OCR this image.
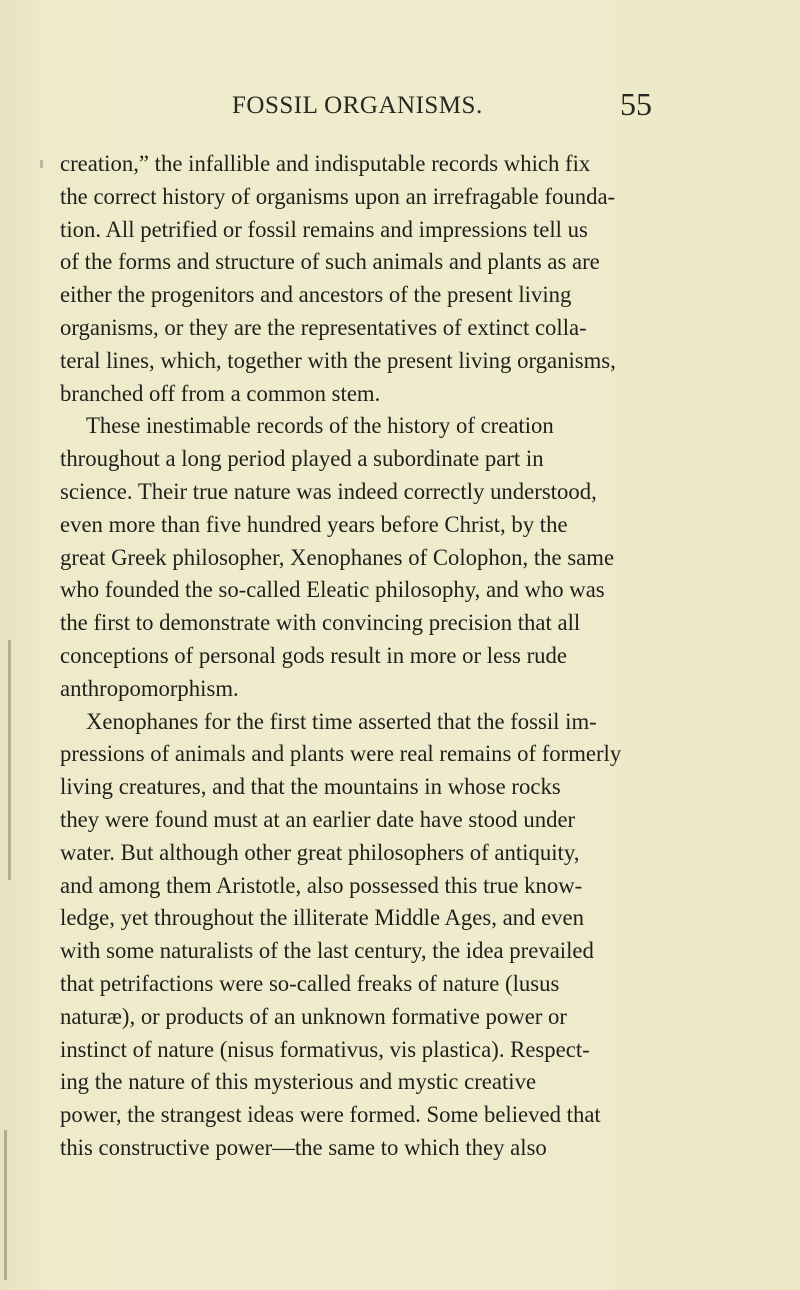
FOSSIL ORGANISMS.	55
creation,” the infallible and indisputable records which fix
the correct history of organisms upon an irrefragable founda-
tion. All petrified or fossil remains and impressions tell us
of the forms and structure of such animals and plants as are
either the progenitors and ancestors of the present living
organisms, or they are the representatives of extinct colla-
teral lines, which, together with the present living organisms,
branched off from a common stem.
These inestimable records of the history of creation
throughout a long period played a subordinate part in
science. Their true nature was indeed correctly understood,
even more than five hundred years before Christ, by the
great Greek philosopher, Xenophanes of Colophon, the same
who founded the so-called Eleatic philosophy, and who was
the first to demonstrate with convincing precision that all
conceptions of personal gods result in more or less rude
anthropomorphism.
Xenophanes for the first time asserted that the fossil im-
pressions of animals and plants were real remains of formerly
living creatures, and that the mountains in whose rocks
they were found must at an earlier date have stood under
water. But although other great philosophers of antiquity,
and among them Aristotle, also possessed this true know-
ledge, yet throughout the illiterate Middle Ages, and even
with some naturalists of the last century, the idea prevailed
that petrifactions were so-called freaks of nature (lusus
naturæ), or products of an unknown formative power or
instinct of nature (nisus formativus, vis plastica). Respect-
ing the nature of this mysterious and mystic creative
power, the strangest ideas were formed. Some believed that
this constructive power—the same to which they also
